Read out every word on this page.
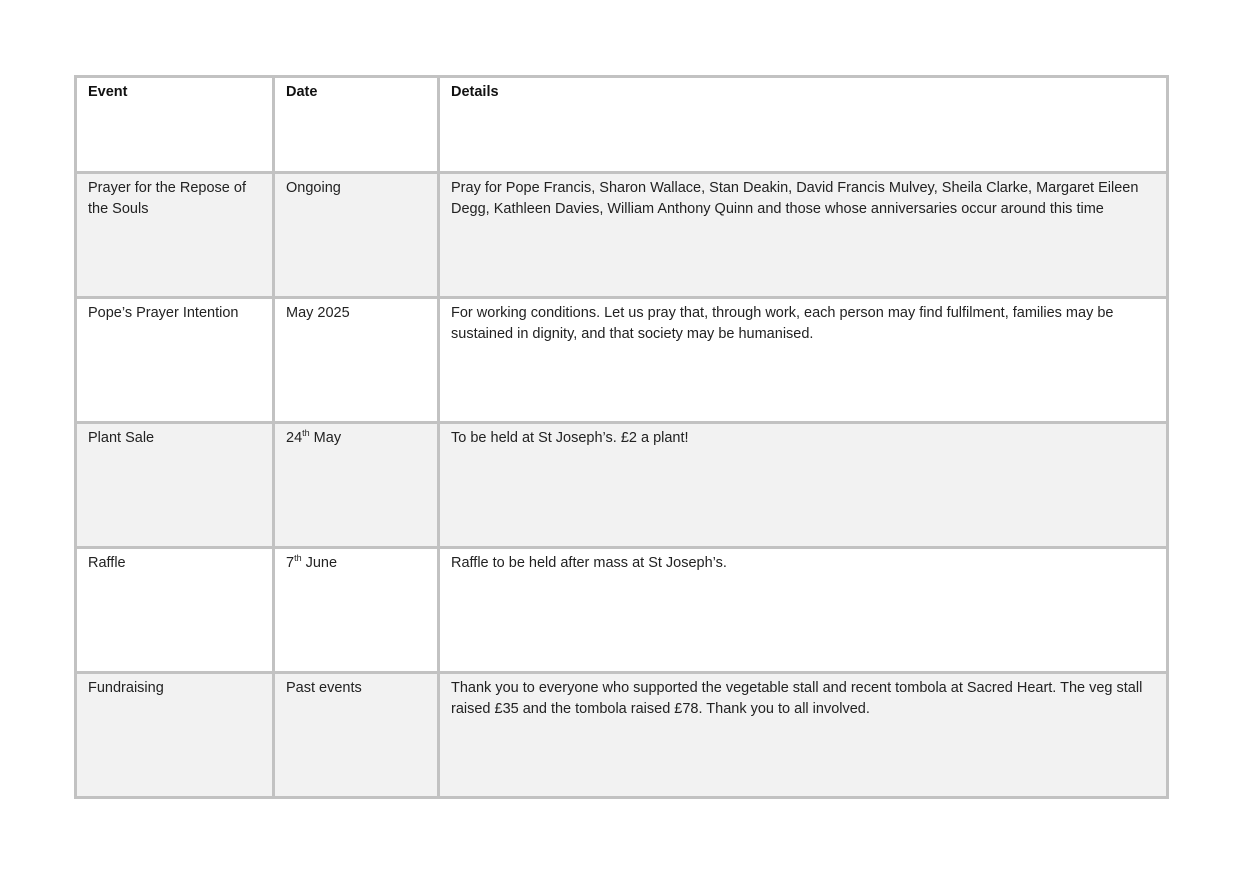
Event	Date	Details
Prayer for the Repose of the Souls	Ongoing	Pray for Pope Francis, Sharon Wallace, Stan Deakin, David Francis Mulvey, Sheila Clarke, Margaret Eileen Degg, Kathleen Davies, William Anthony Quinn and those whose anniversaries occur around this time
Pope’s Prayer Intention	May 2025	For working conditions. Let us pray that, through work, each person may find fulfilment, families may be sustained in dignity, and that society may be humanised.
Plant Sale	24th May	To be held at St Joseph’s. £2 a plant!
Raffle	7th June	Raffle to be held after mass at St Joseph’s.
Fundraising	Past events	Thank you to everyone who supported the vegetable stall and recent tombola at Sacred Heart. The veg stall raised £35 and the tombola raised £78. Thank you to all involved.
